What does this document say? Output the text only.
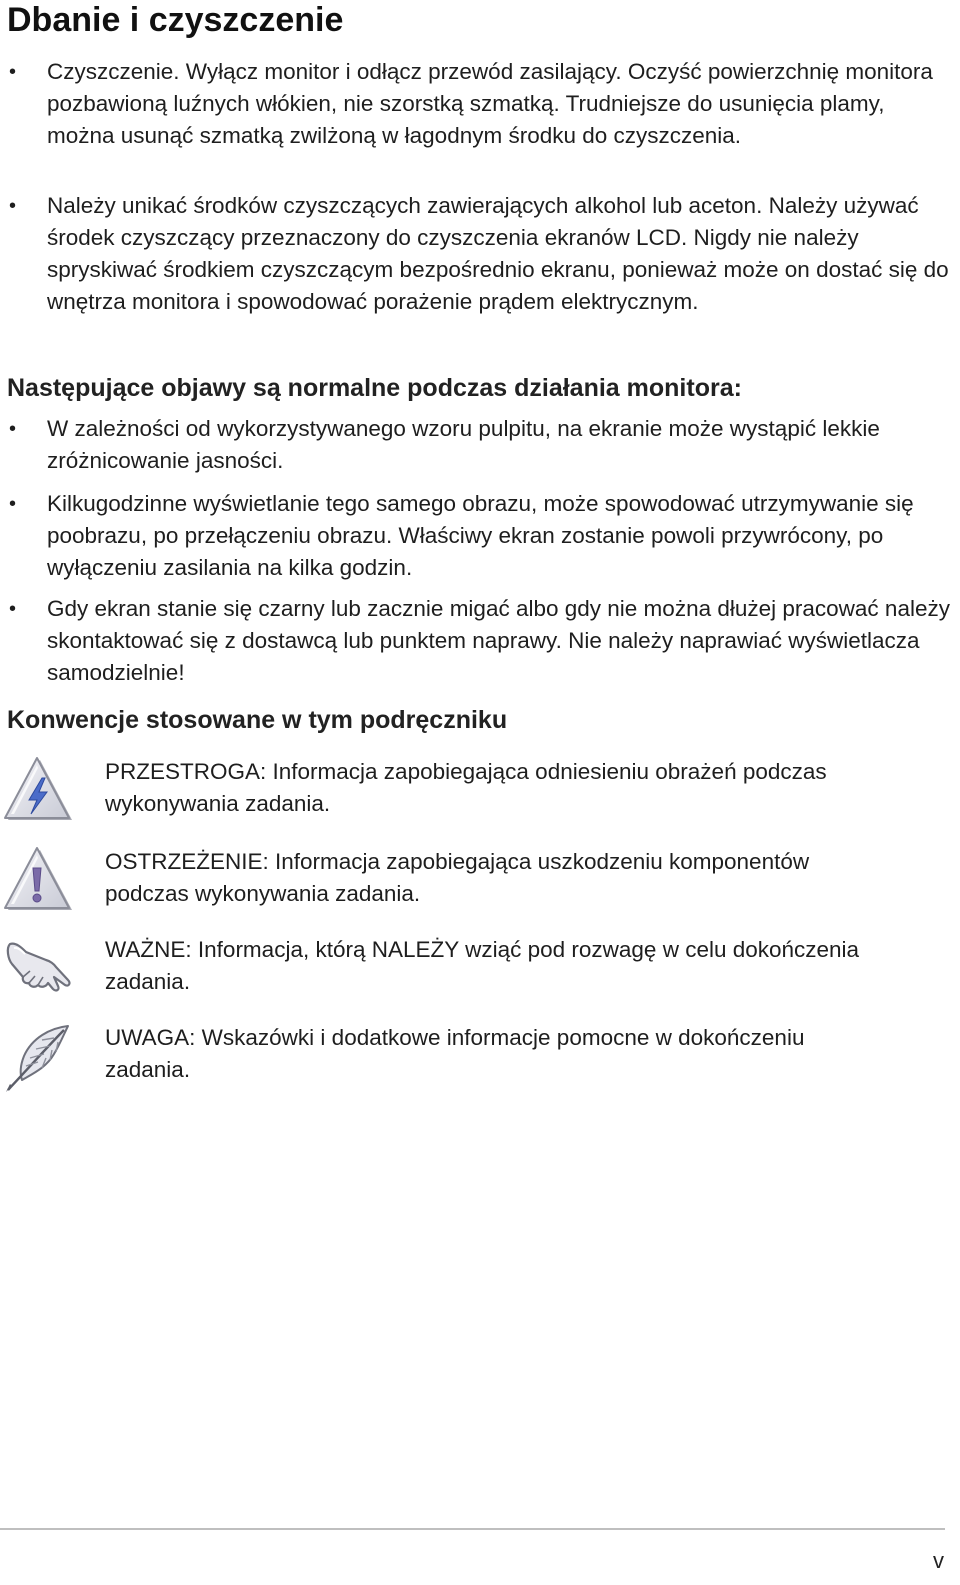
Dbanie i czyszczenie
• Czyszczenie. Wyłącz monitor i odłącz przewód zasilający. Oczyść powierzchnię monitora pozbawioną luźnych włókien, nie szorstką szmatką. Trudniejsze do usunięcia plamy, można usunąć szmatką zwilżoną w łagodnym środku do czyszczenia.
• Należy unikać środków czyszczących zawierających alkohol lub aceton. Należy używać środek czyszczący przeznaczony do czyszczenia ekranów LCD. Nigdy nie należy spryskiwać środkiem czyszczącym bezpośrednio ekranu, ponieważ może on dostać się do wnętrza monitora i spowodować porażenie prądem elektrycznym.
Następujące objawy są normalne podczas działania monitora:
• W zależności od wykorzystywanego wzoru pulpitu, na ekranie może wystąpić lekkie zróżnicowanie jasności.
• Kilkugodzinne wyświetlanie tego samego obrazu, może spowodować utrzymywanie się poobrazu, po przełączeniu obrazu. Właściwy ekran zostanie powoli przywrócony, po wyłączeniu zasilania na kilka godzin.
• Gdy ekran stanie się czarny lub zacznie migać albo gdy nie można dłużej pracować należy skontaktować się z dostawcą lub punktem naprawy. Nie należy naprawiać wyświetlacza samodzielnie!
Konwencje stosowane w tym podręczniku
PRZESTROGA: Informacja zapobiegająca odniesieniu obrażeń podczas wykonywania zadania.
OSTRZEŻENIE: Informacja zapobiegająca uszkodzeniu komponentów podczas wykonywania zadania.
WAŻNE: Informacja, którą NALEŻY wziąć pod rozwagę w celu dokończenia zadania.
UWAGA: Wskazówki i dodatkowe informacje pomocne w dokończeniu zadania.
v
